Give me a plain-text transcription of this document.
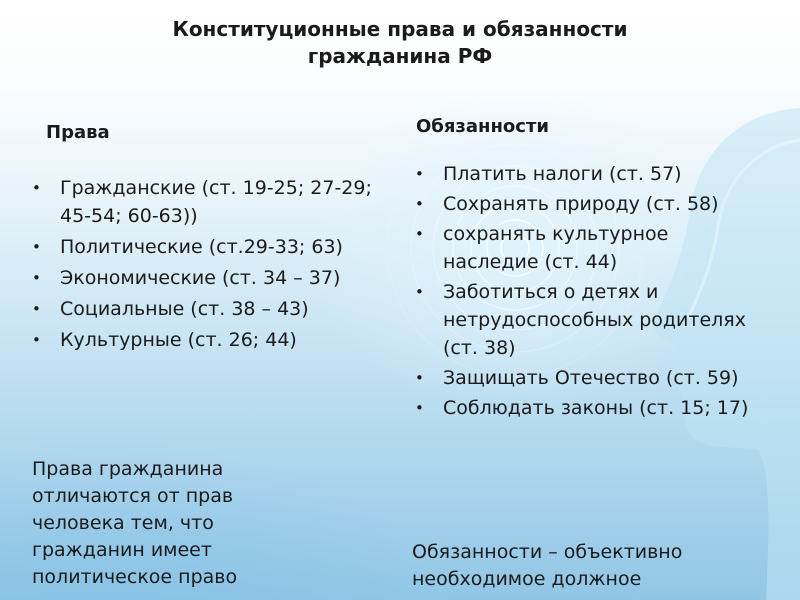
Конституционные права и обязанности
гражданина РФ
Права	Обязанности
•	Гражданские (ст. 19-25; 27-29; 45-54; 60-63))
•	Политические (ст.29-33; 63)
•	Экономические (ст. 34 – 37)
•	Социальные (ст. 38 – 43)
•	Культурные (ст. 26; 44)

Права гражданина отличаются от прав человека тем, что гражданин имеет политическое право

•	Платить налоги (ст. 57)
•	Сохранять природу (ст. 58)
•	сохранять культурное наследие (ст. 44)
•	Заботиться о детях и нетрудоспособных родителях (ст. 38)
•	Защищать Отечество (ст. 59)
•	Соблюдать законы (ст. 15; 17)

Обязанности – объективно необходимое должное
